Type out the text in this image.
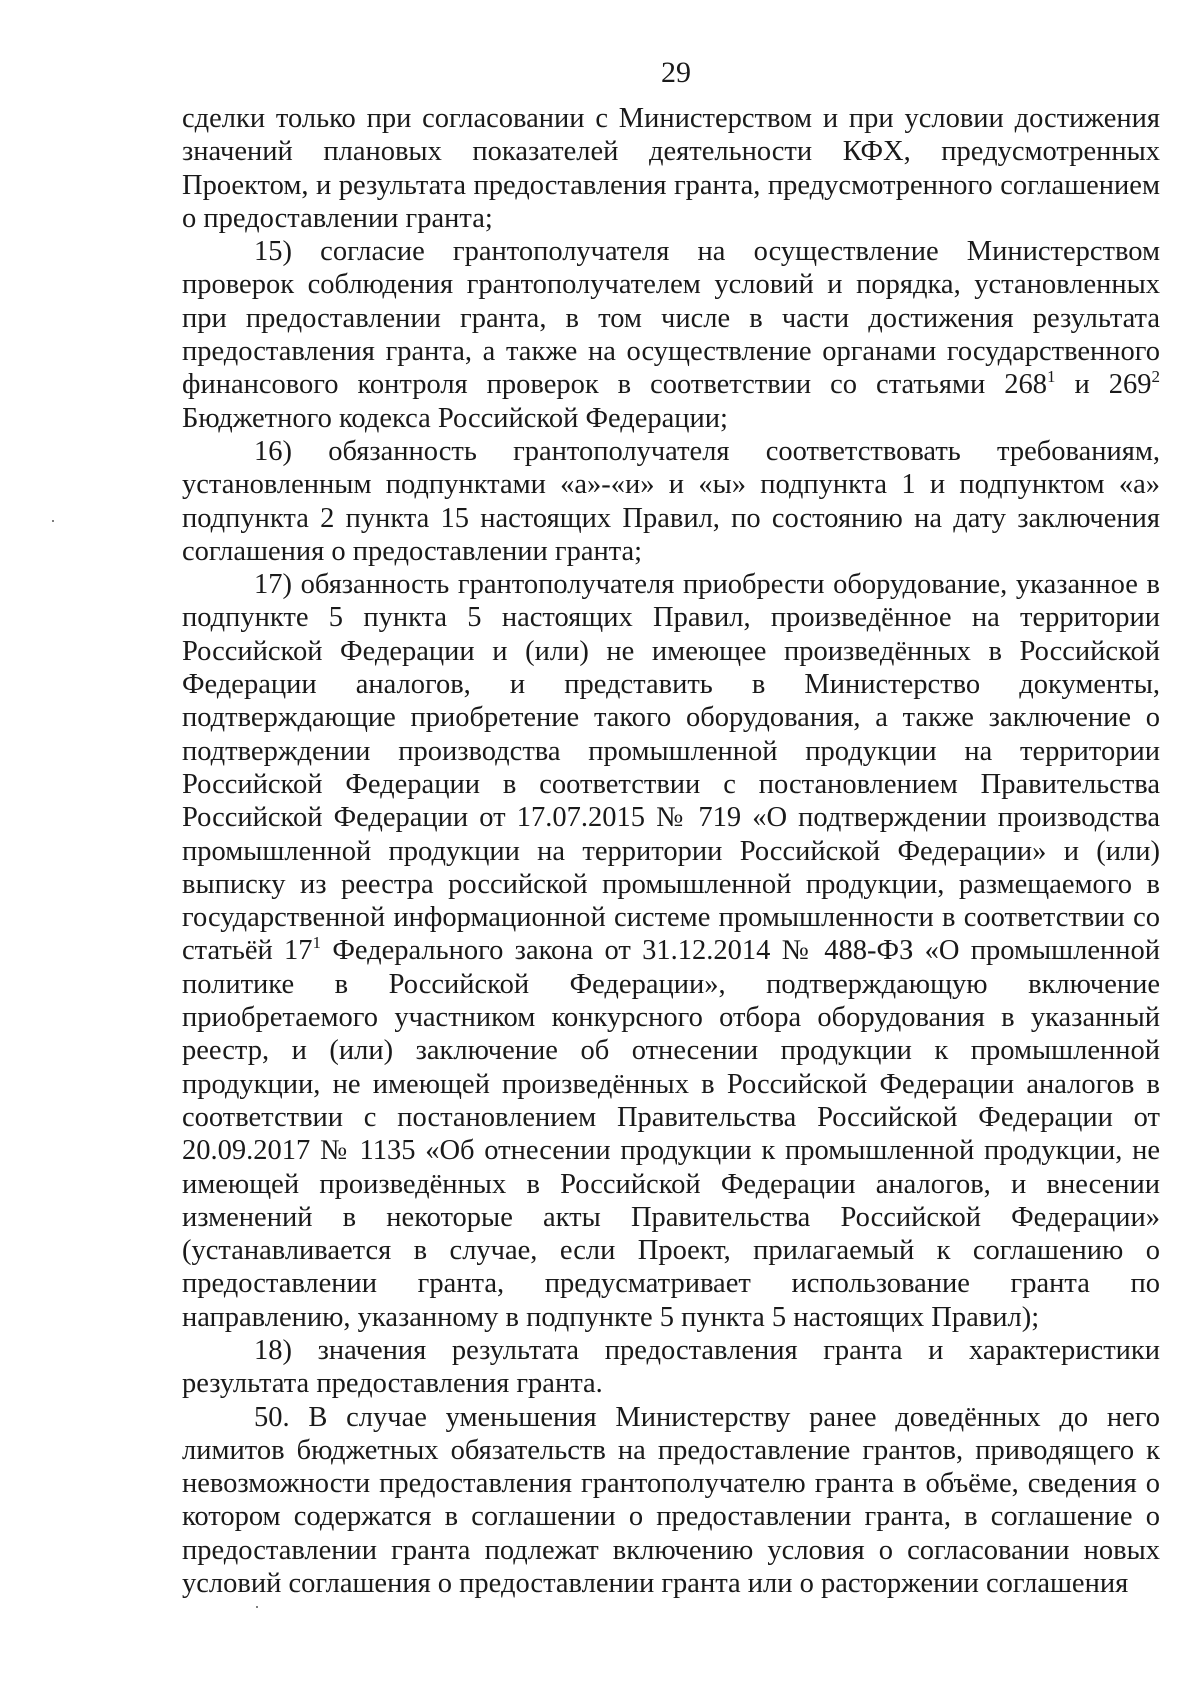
29

сделки только при согласовании с Министерством и при условии достижения значений плановых показателей деятельности КФХ, предусмотренных Проектом, и результата предоставления гранта, предусмотренного соглашением о предоставлении гранта;

15) согласие грантополучателя на осуществление Министерством проверок соблюдения грантополучателем условий и порядка, установленных при предоставлении гранта, в том числе в части достижения результата предоставления гранта, а также на осуществление органами государственного финансового контроля проверок в соответствии со статьями $268^1$ и $269^2$ Бюджетного кодекса Российской Федерации;

16) обязанность грантополучателя соответствовать требованиям, установленным подпунктами «а»-«и» и «ы» подпункта 1 и подпунктом «а» подпункта 2 пункта 15 настоящих Правил, по состоянию на дату заключения соглашения о предоставлении гранта;

17) обязанность грантополучателя приобрести оборудование, указанное в подпункте 5 пункта 5 настоящих Правил, произведённое на территории Российской Федерации и (или) не имеющее произведённых в Российской Федерации аналогов, и представить в Министерство документы, подтверждающие приобретение такого оборудования, а также заключение о подтверждении производства промышленной продукции на территории Российской Федерации в соответствии с постановлением Правительства Российской Федерации от 17.07.2015 № 719 «О подтверждении производства промышленной продукции на территории Российской Федерации» и (или) выписку из реестра российской промышленной продукции, размещаемого в государственной информационной системе промышленности в соответствии со статьёй $17^1$ Федерального закона от 31.12.2014 № 488-ФЗ «О промышленной политике в Российской Федерации», подтверждающую включение приобретаемого участником конкурсного отбора оборудования в указанный реестр, и (или) заключение об отнесении продукции к промышленной продукции, не имеющей произведённых в Российской Федерации аналогов в соответствии с постановлением Правительства Российской Федерации от 20.09.2017 № 1135 «Об отнесении продукции к промышленной продукции, не имеющей произведённых в Российской Федерации аналогов, и внесении изменений в некоторые акты Правительства Российской Федерации» (устанавливается в случае, если Проект, прилагаемый к соглашению о предоставлении гранта, предусматривает использование гранта по направлению, указанному в подпункте 5 пункта 5 настоящих Правил);

18) значения результата предоставления гранта и характеристики результата предоставления гранта.

50. В случае уменьшения Министерству ранее доведённых до него лимитов бюджетных обязательств на предоставление грантов, приводящего к невозможности предоставления грантополучателю гранта в объёме, сведения о котором содержатся в соглашении о предоставлении гранта, в соглашение о предоставлении гранта подлежат включению условия о согласовании новых условий соглашения о предоставлении гранта или о расторжении соглашения
